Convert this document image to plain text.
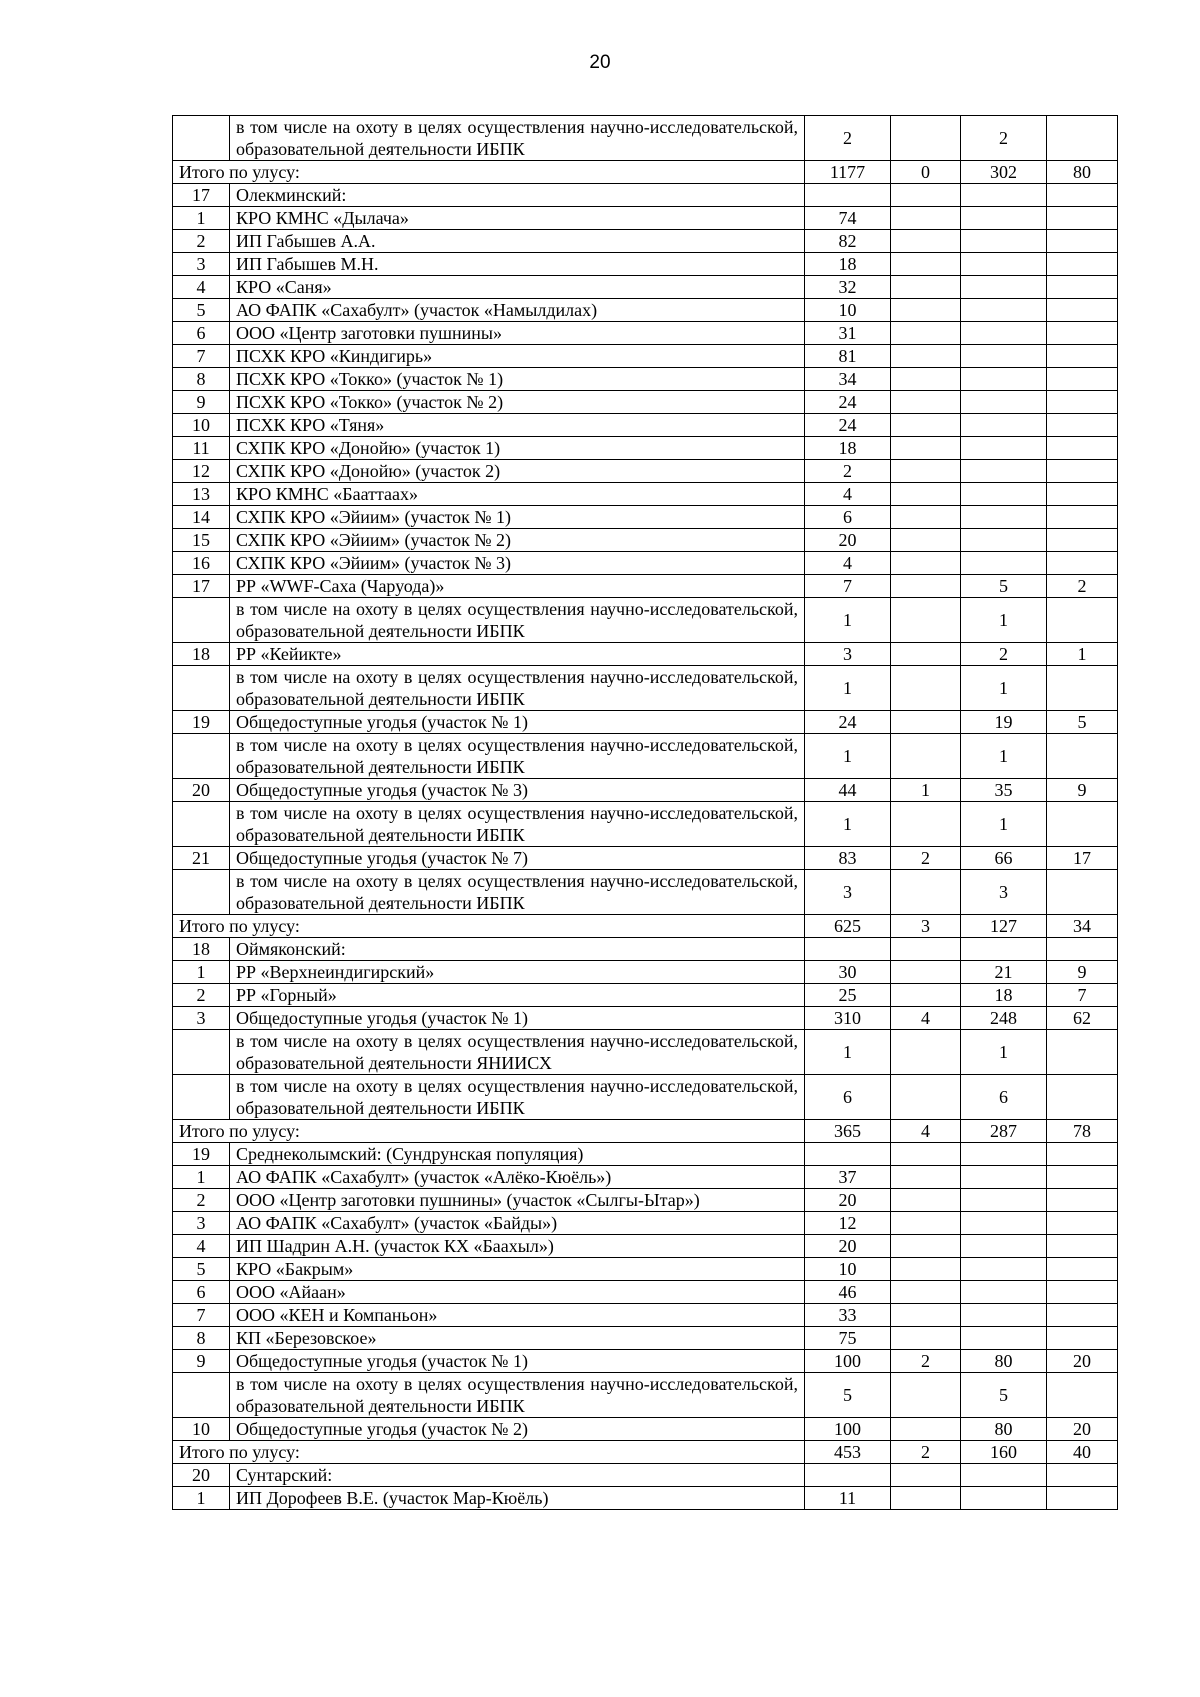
20
	в том числе на охоту в целях осуществления научно-исследовательской, образовательной деятельности ИБПК	2		2	
Итого по улусу:		1177	0	302	80
17	Олекминский:				
1	КРО КМНС «Дылача»	74			
2	ИП Габышев А.А.	82			
3	ИП Габышев М.Н.	18			
4	КРО «Саня»	32			
5	АО ФАПК «Сахабулт» (участок «Намылдилах)	10			
6	ООО «Центр заготовки пушнины»	31			
7	ПСХК КРО «Киндигирь»	81			
8	ПСХК КРО «Токко» (участок № 1)	34			
9	ПСХК КРО «Токко» (участок № 2)	24			
10	ПСХК КРО «Тяня»	24			
11	СХПК КРО «Донойю» (участок 1)	18			
12	СХПК КРО «Донойю» (участок 2)	2			
13	КРО КМНС «Бааттаах»	4			
14	СХПК КРО «Эйиим» (участок № 1)	6			
15	СХПК КРО «Эйиим» (участок № 2)	20			
16	СХПК КРО «Эйиим» (участок № 3)	4			
17	РР «WWF-Саха (Чаруода)»	7		5	2
	в том числе на охоту в целях осуществления научно-исследовательской, образовательной деятельности ИБПК	1		1	
18	РР «Кейикте»	3		2	1
	в том числе на охоту в целях осуществления научно-исследовательской, образовательной деятельности ИБПК	1		1	
19	Общедоступные угодья (участок № 1)	24		19	5
	в том числе на охоту в целях осуществления научно-исследовательской, образовательной деятельности ИБПК	1		1	
20	Общедоступные угодья (участок № 3)	44	1	35	9
	в том числе на охоту в целях осуществления научно-исследовательской, образовательной деятельности ИБПК	1		1	
21	Общедоступные угодья (участок № 7)	83	2	66	17
	в том числе на охоту в целях осуществления научно-исследовательской, образовательной деятельности ИБПК	3		3	
Итого по улусу:		625	3	127	34
18	Оймяконский:				
1	РР «Верхнеиндигирский»	30		21	9
2	РР «Горный»	25		18	7
3	Общедоступные угодья (участок № 1)	310	4	248	62
	в том числе на охоту в целях осуществления научно-исследовательской, образовательной деятельности ЯНИИСХ	1		1	
	в том числе на охоту в целях осуществления научно-исследовательской, образовательной деятельности ИБПК	6		6	
Итого по улусу:		365	4	287	78
19	Среднеколымский: (Сундрунская популяция)				
1	АО ФАПК «Сахабулт» (участок «Алёко-Кюёль»)	37			
2	ООО «Центр заготовки пушнины» (участок «Сылгы-Ытар»)	20			
3	АО ФАПК «Сахабулт» (участок «Байды»)	12			
4	ИП Шадрин А.Н. (участок КХ «Баахыл»)	20			
5	КРО «Бакрым»	10			
6	ООО «Айаан»	46			
7	ООО «КЕН и Компаньон»	33			
8	КП «Березовское»	75			
9	Общедоступные угодья (участок № 1)	100	2	80	20
	в том числе на охоту в целях осуществления научно-исследовательской, образовательной деятельности ИБПК	5		5	
10	Общедоступные угодья (участок № 2)	100		80	20
Итого по улусу:		453	2	160	40
20	Сунтарский:				
1	ИП Дорофеев В.Е. (участок Мар-Кюёль)	11			
